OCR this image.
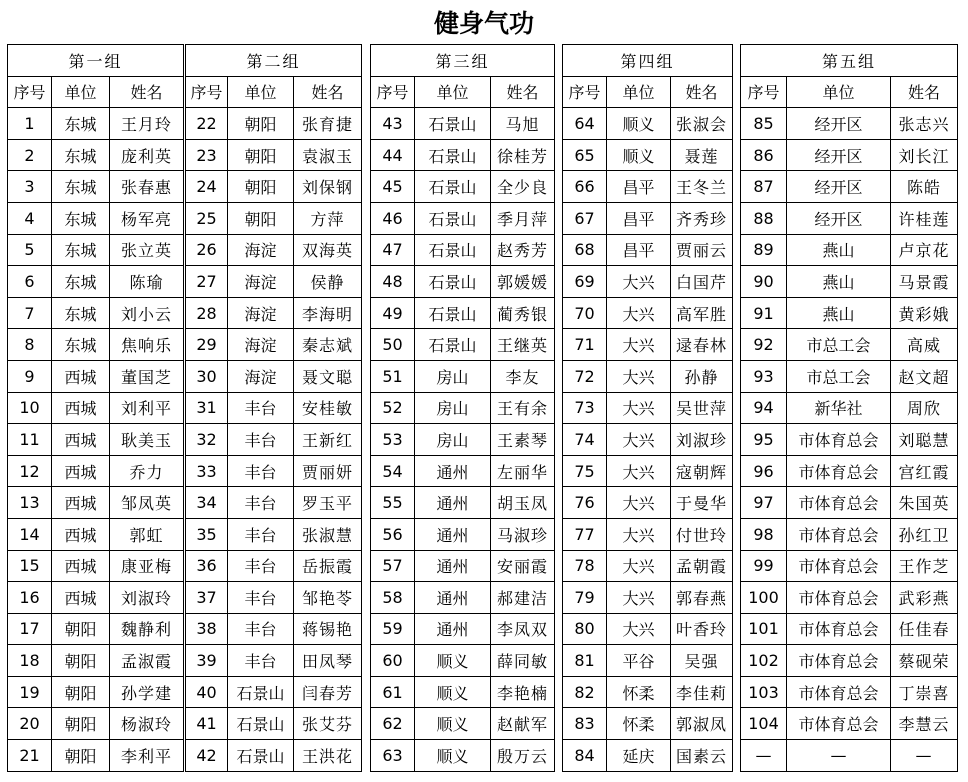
健身气功
第一组		
序号	单位	姓名
1	东城	王月玲
2	东城	庞利英
3	东城	张春惠
4	东城	杨军亮
5	东城	张立英
6	东城	陈瑜
7	东城	刘小云
8	东城	焦响乐
9	西城	董国芝
10	西城	刘利平
11	西城	耿美玉
12	西城	乔力
13	西城	邹凤英
14	西城	郭虹
15	西城	康亚梅
16	西城	刘淑玲
17	朝阳	魏静利
18	朝阳	孟淑霞
19	朝阳	孙学建
20	朝阳	杨淑玲
21	朝阳	李利平
第二组		
序号	单位	姓名
22	朝阳	张育捷
23	朝阳	袁淑玉
24	朝阳	刘保钢
25	朝阳	方萍
26	海淀	双海英
27	海淀	侯静
28	海淀	李海明
29	海淀	秦志斌
30	海淀	聂文聪
31	丰台	安桂敏
32	丰台	王新红
33	丰台	贾丽妍
34	丰台	罗玉平
35	丰台	张淑慧
36	丰台	岳振霞
37	丰台	邹艳苓
38	丰台	蒋锡艳
39	丰台	田凤琴
40	石景山	闫春芳
41	石景山	张艾芬
42	石景山	王洪花
第三组		
序号	单位	姓名
43	石景山	马旭
44	石景山	徐桂芳
45	石景山	全少良
46	石景山	季月萍
47	石景山	赵秀芳
48	石景山	郭媛媛
49	石景山	蔺秀银
50	石景山	王继英
51	房山	李友
52	房山	王有余
53	房山	王素琴
54	通州	左丽华
55	通州	胡玉凤
56	通州	马淑珍
57	通州	安丽霞
58	通州	郝建洁
59	通州	李凤双
60	顺义	薛同敏
61	顺义	李艳楠
62	顺义	赵献军
63	顺义	殷万云
第四组		
序号	单位	姓名
64	顺义	张淑会
65	顺义	聂莲
66	昌平	王冬兰
67	昌平	齐秀珍
68	昌平	贾丽云
69	大兴	白国芹
70	大兴	高军胜
71	大兴	逯春林
72	大兴	孙静
73	大兴	吴世萍
74	大兴	刘淑珍
75	大兴	寇朝辉
76	大兴	于曼华
77	大兴	付世玲
78	大兴	孟朝霞
79	大兴	郭春燕
80	大兴	叶香玲
81	平谷	吴强
82	怀柔	李佳莉
83	怀柔	郭淑凤
84	延庆	国素云
第五组		
序号	单位	姓名
85	经开区	张志兴
86	经开区	刘长江
87	经开区	陈皓
88	经开区	许桂莲
89	燕山	卢京花
90	燕山	马景霞
91	燕山	黄彩娥
92	市总工会	高威
93	市总工会	赵文超
94	新华社	周欣
95	市体育总会	刘聪慧
96	市体育总会	宫红霞
97	市体育总会	朱国英
98	市体育总会	孙红卫
99	市体育总会	王作芝
100	市体育总会	武彩燕
101	市体育总会	任佳春
102	市体育总会	蔡砚荣
103	市体育总会	丁崇喜
104	市体育总会	李慧云
—	—	—
